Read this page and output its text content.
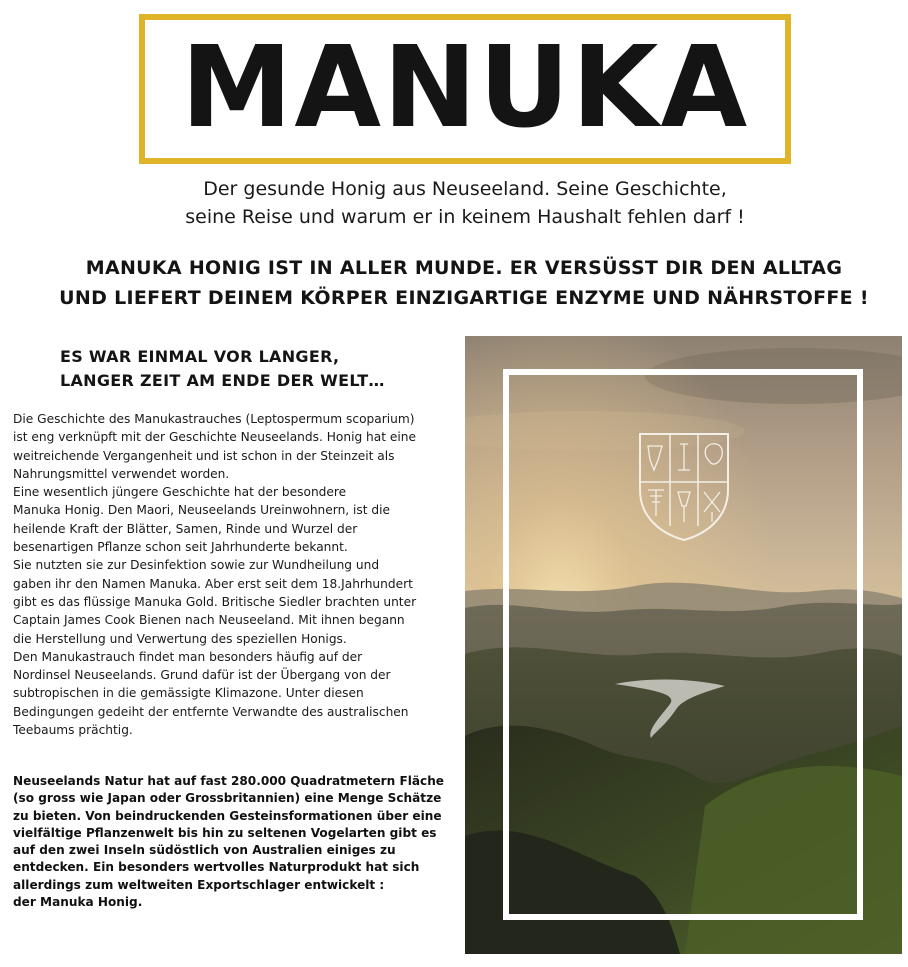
MANUKA
Der gesunde Honig aus Neuseeland. Seine Geschichte,
seine Reise und warum er in keinem Haushalt fehlen darf !
MANUKA HONIG IST IN ALLER MUNDE. ER VERSÜSST DIR DEN ALLTAG
UND LIEFERT DEINEM KÖRPER EINZIGARTIGE ENZYME UND NÄHRSTOFFE !
ES WAR EINMAL VOR LANGER,
LANGER ZEIT AM ENDE DER WELT…
Die Geschichte des Manukastrauches (Leptospermum scoparium)
ist eng verknüpft mit der Geschichte Neuseelands. Honig hat eine
weitreichende Vergangenheit und ist schon in der Steinzeit als
Nahrungsmittel verwendet worden.
Eine wesentlich jüngere Geschichte hat der besondere
Manuka Honig. Den Maori, Neuseelands Ureinwohnern, ist die
heilende Kraft der Blätter, Samen, Rinde und Wurzel der
besenartigen Pflanze schon seit Jahrhunderte bekannt.
Sie nutzten sie zur Desinfektion sowie zur Wundheilung und
gaben ihr den Namen Manuka. Aber erst seit dem 18.Jahrhundert
gibt es das flüssige Manuka Gold. Britische Siedler brachten unter
Captain James Cook Bienen nach Neuseeland. Mit ihnen begann
die Herstellung und Verwertung des speziellen Honigs.
Den Manukastrauch findet man besonders häufig auf der
Nordinsel Neuseelands. Grund dafür ist der Übergang von der
subtropischen in die gemässigte Klimazone. Unter diesen
Bedingungen gedeiht der entfernte Verwandte des australischen
Teebaums prächtig.
Neuseelands Natur hat auf fast 280.000 Quadratmetern Fläche
(so gross wie Japan oder Grossbritannien) eine Menge Schätze
zu bieten. Von beindruckenden Gesteinsformationen über eine
vielfältige Pflanzenwelt bis hin zu seltenen Vogelarten gibt es
auf den zwei Inseln südöstlich von Australien einiges zu
entdecken. Ein besonders wertvolles Naturprodukt hat sich
allerdings zum weltweiten Exportschlager entwickelt :
der Manuka Honig.
